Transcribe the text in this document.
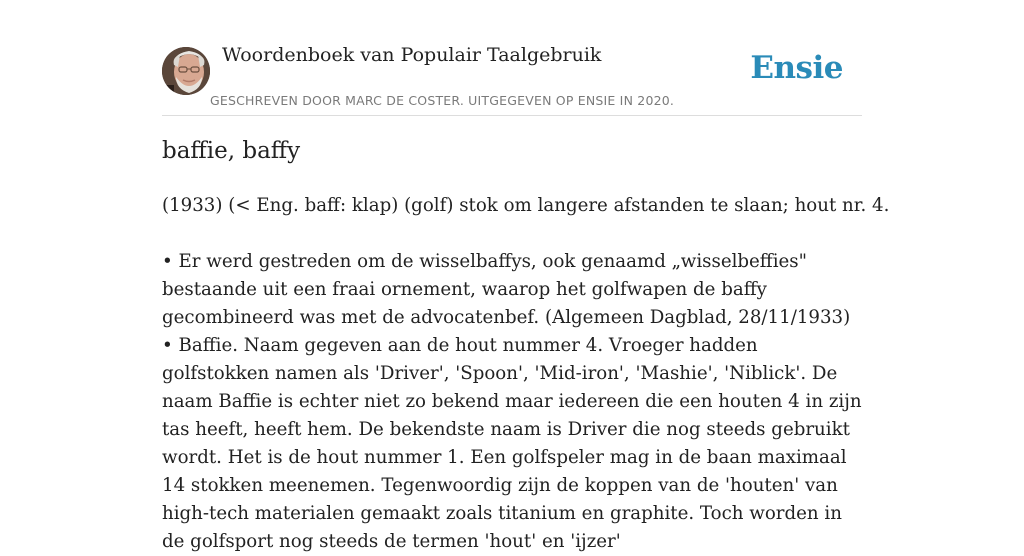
Woordenboek van Populair Taalgebruik
GESCHREVEN DOOR MARC DE COSTER. UITGEGEVEN OP ENSIE IN 2020.
Ensie
baffie, baffy

(1933) (< Eng. baff: klap) (golf) stok om langere afstanden te slaan; hout nr. 4.

• Er werd gestreden om de wisselbaffys, ook genaamd „wisselbeffies" bestaande uit een fraai ornement, waarop het golfwapen de baffy gecombineerd was met de advocatenbef. (Algemeen Dagblad, 28/11/1933)

• Baffie. Naam gegeven aan de hout nummer 4. Vroeger hadden golfstokken namen als 'Driver', 'Spoon', 'Mid-iron', 'Mashie', 'Niblick'. De naam Baffie is echter niet zo bekend maar iedereen die een houten 4 in zijn tas heeft, heeft hem. De bekendste naam is Driver die nog steeds gebruikt wordt. Het is de hout nummer 1. Een golfspeler mag in de baan maximaal 14 stokken meenemen. Tegenwoordig zijn de koppen van de 'houten' van high-tech materialen gemaakt zoals titanium en graphite. Toch worden in de golfsport nog steeds de termen 'hout' en 'ijzer'
